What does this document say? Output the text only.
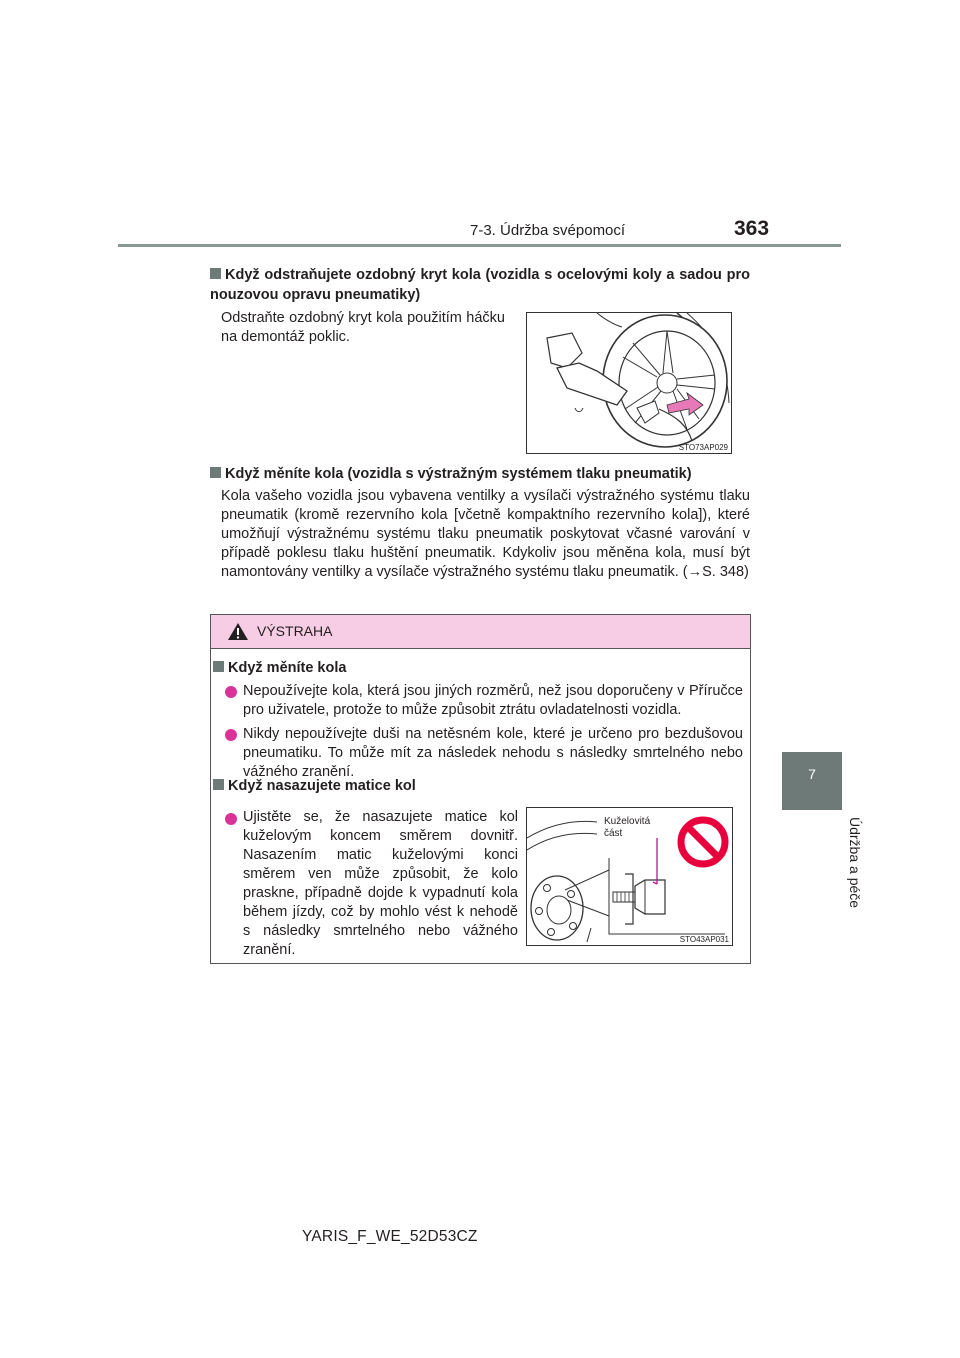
7-3. Údržba svépomocí	363
7
Údržba a péče
Když odstraňujete ozdobný kryt kola (vozidla s ocelovými koly a sadou pro nouzovou opravu pneumatiky)
Odstraňte ozdobný kryt kola použitím háčku na demontáž poklic.
STO73AP029
Když měníte kola (vozidla s výstražným systémem tlaku pneumatik)
Kola vašeho vozidla jsou vybavena ventilky a vysílači výstražného systému tlaku pneumatik (kromě rezervního kola [včetně kompaktního rezervního kola]), které umožňují výstražnému systému tlaku pneumatik poskytovat včasné varování v případě poklesu tlaku huštění pneumatik. Kdykoliv jsou měněna kola, musí být namontovány ventilky a vysílače výstražného systému tlaku pneumatik. (→S. 348)
VÝSTRAHA
Když měníte kola
Nepoužívejte kola, která jsou jiných rozměrů, než jsou doporučeny v Příručce pro uživatele, protože to může způsobit ztrátu ovladatelnosti vozidla.
Nikdy nepoužívejte duši na netěsném kole, které je určeno pro bezdušovou pneumatiku. To může mít za následek nehodu s následky smrtelného nebo vážného zranění.
Když nasazujete matice kol
Ujistěte se, že nasazujete matice kol kuželovým koncem směrem dovnitř. Nasazením matic kuželovými konci směrem ven může způsobit, že kolo praskne, případně dojde k vypadnutí kola během jízdy, což by mohlo vést k nehodě s následky smrtelného nebo vážného zranění.
Kuželovitá část
STO43AP031
YARIS_F_WE_52D53CZ
